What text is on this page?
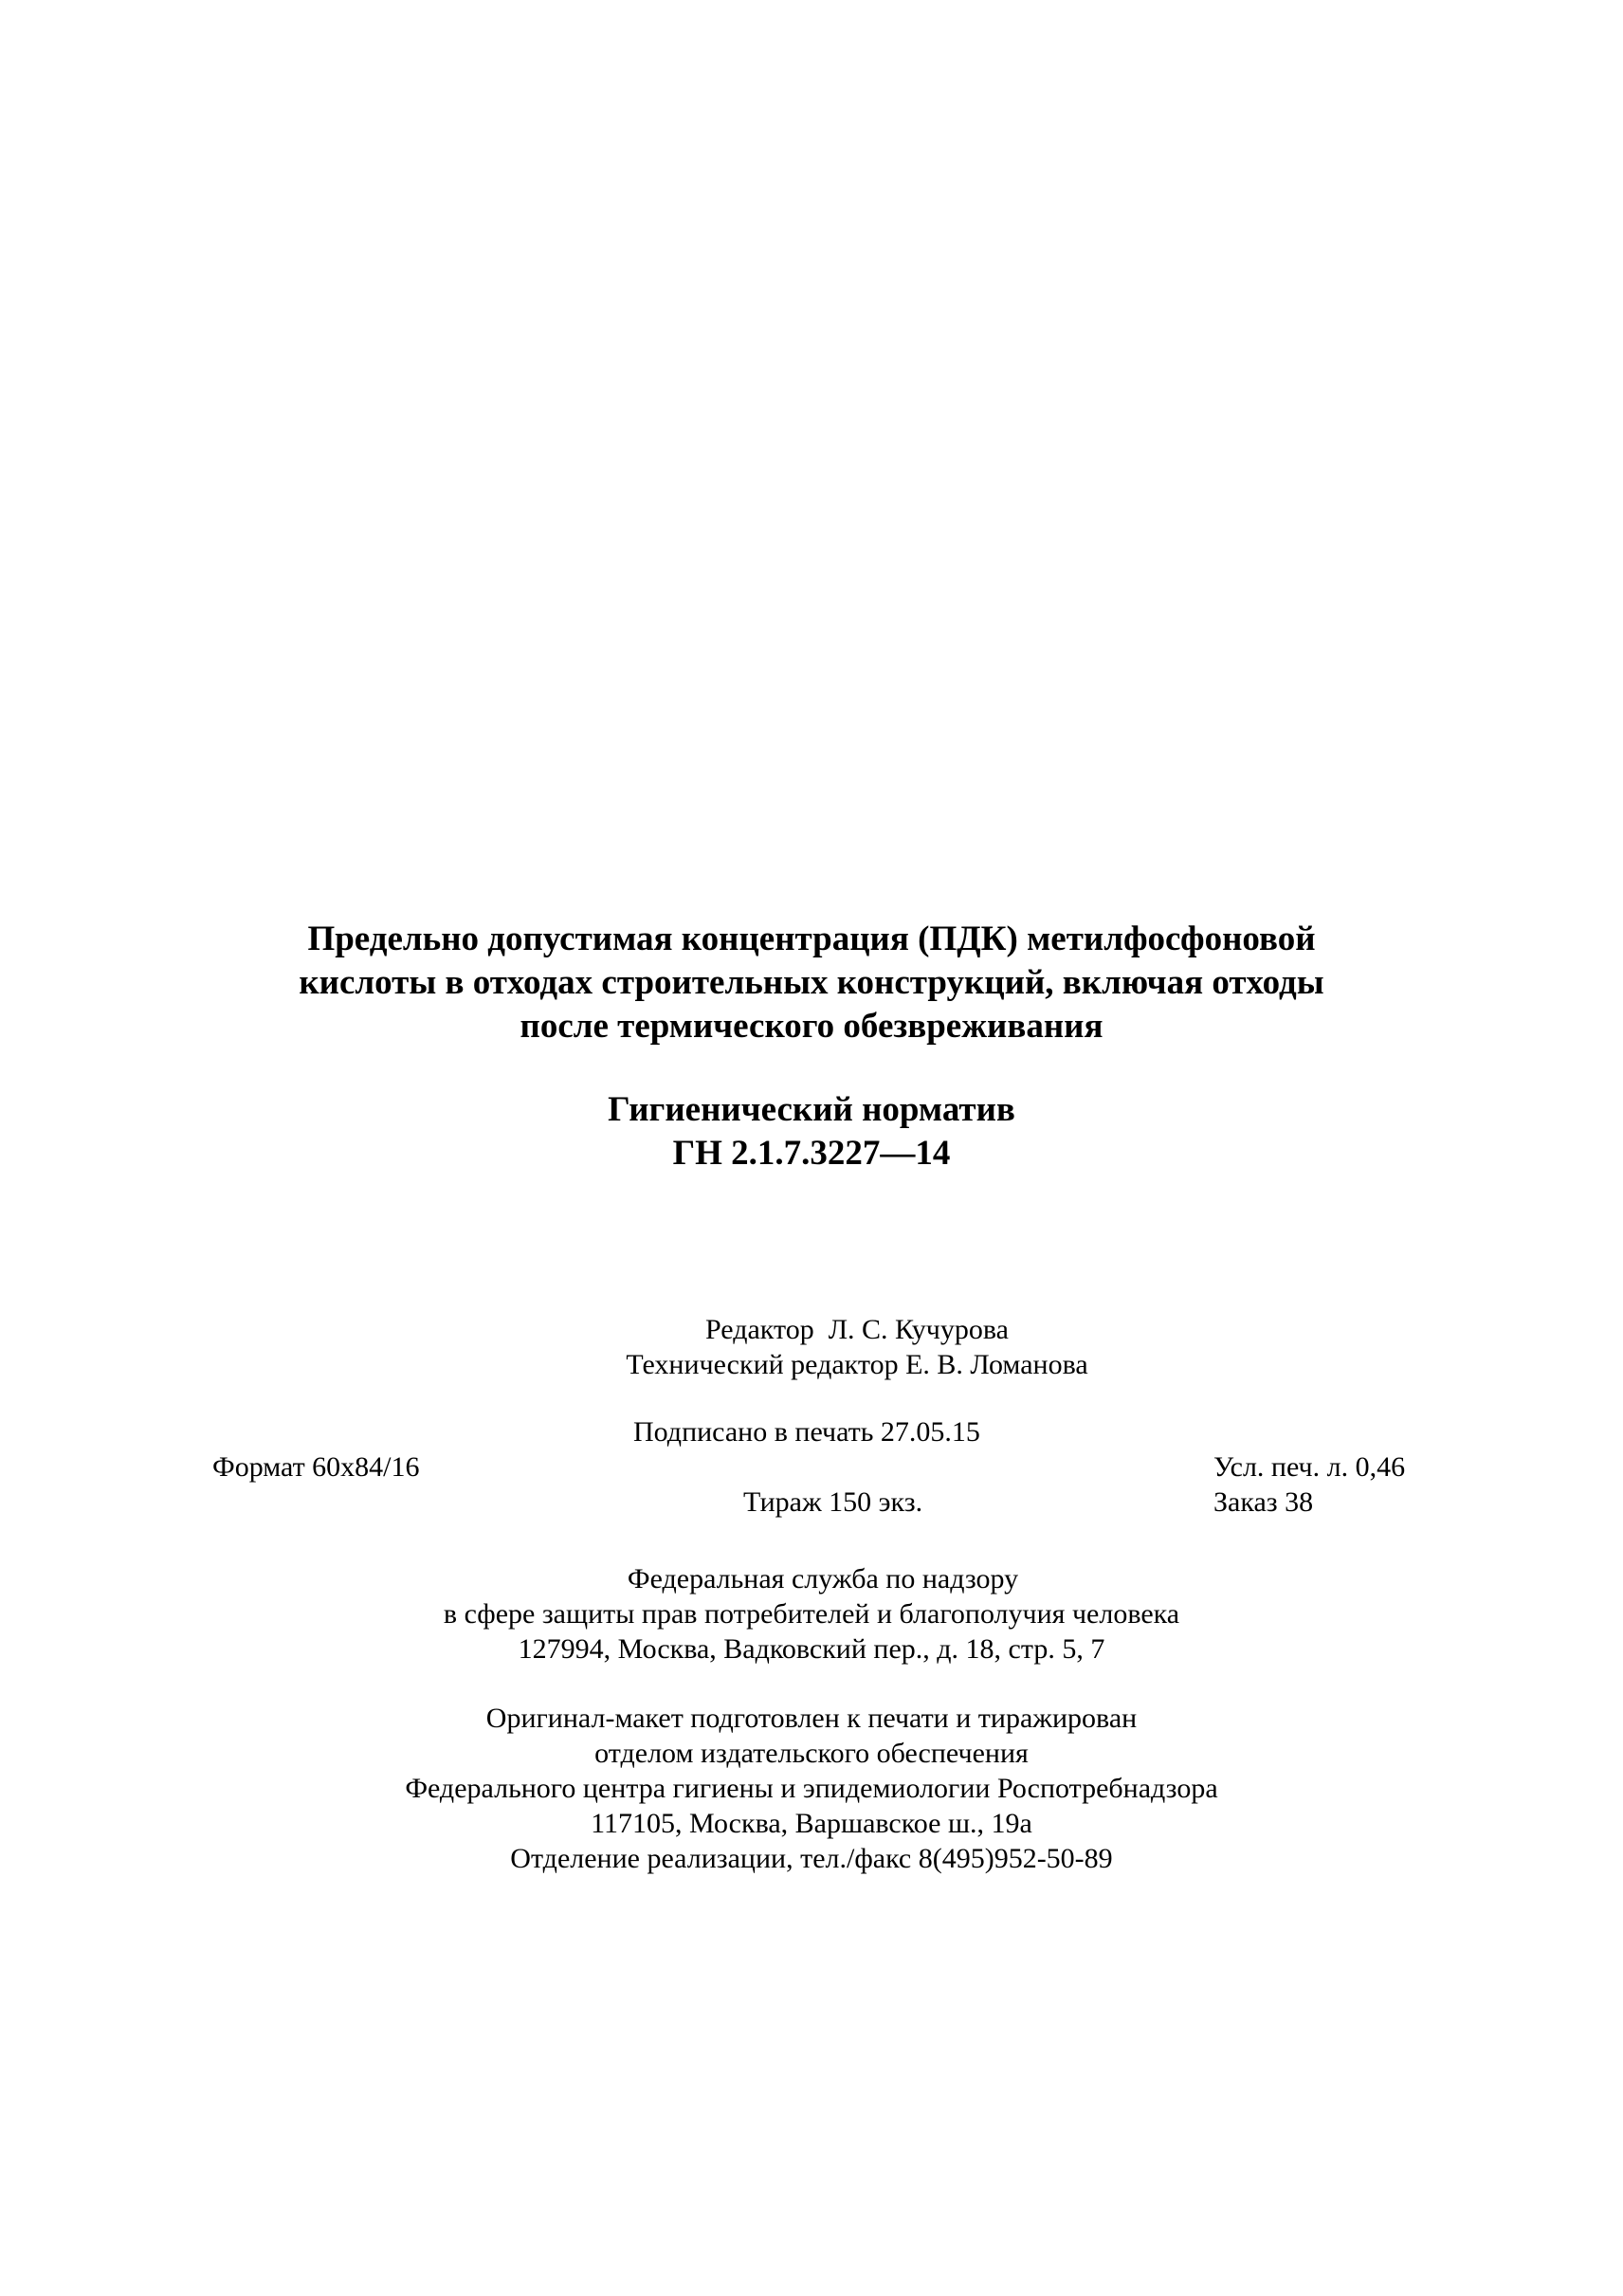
Предельно допустимая концентрация (ПДК) метилфосфоновой
кислоты в отходах строительных конструкций, включая отходы
после термического обезвреживания
Гигиенический норматив
ГН 2.1.7.3227—14
Редактор  Л. С. Кучурова
Технический редактор Е. В. Ломанова
Подписано в печать 27.05.15
Формат 60x84/16	Усл. печ. л. 0,46
Тираж 150 экз.	Заказ 38
Федеральная служба по надзору
в сфере защиты прав потребителей и благополучия человека
127994, Москва, Вадковский пер., д. 18, стр. 5, 7
Оригинал-макет подготовлен к печати и тиражирован
отделом издательского обеспечения
Федерального центра гигиены и эпидемиологии Роспотребнадзора
117105, Москва, Варшавское ш., 19а
Отделение реализации, тел./факс 8(495)952-50-89
